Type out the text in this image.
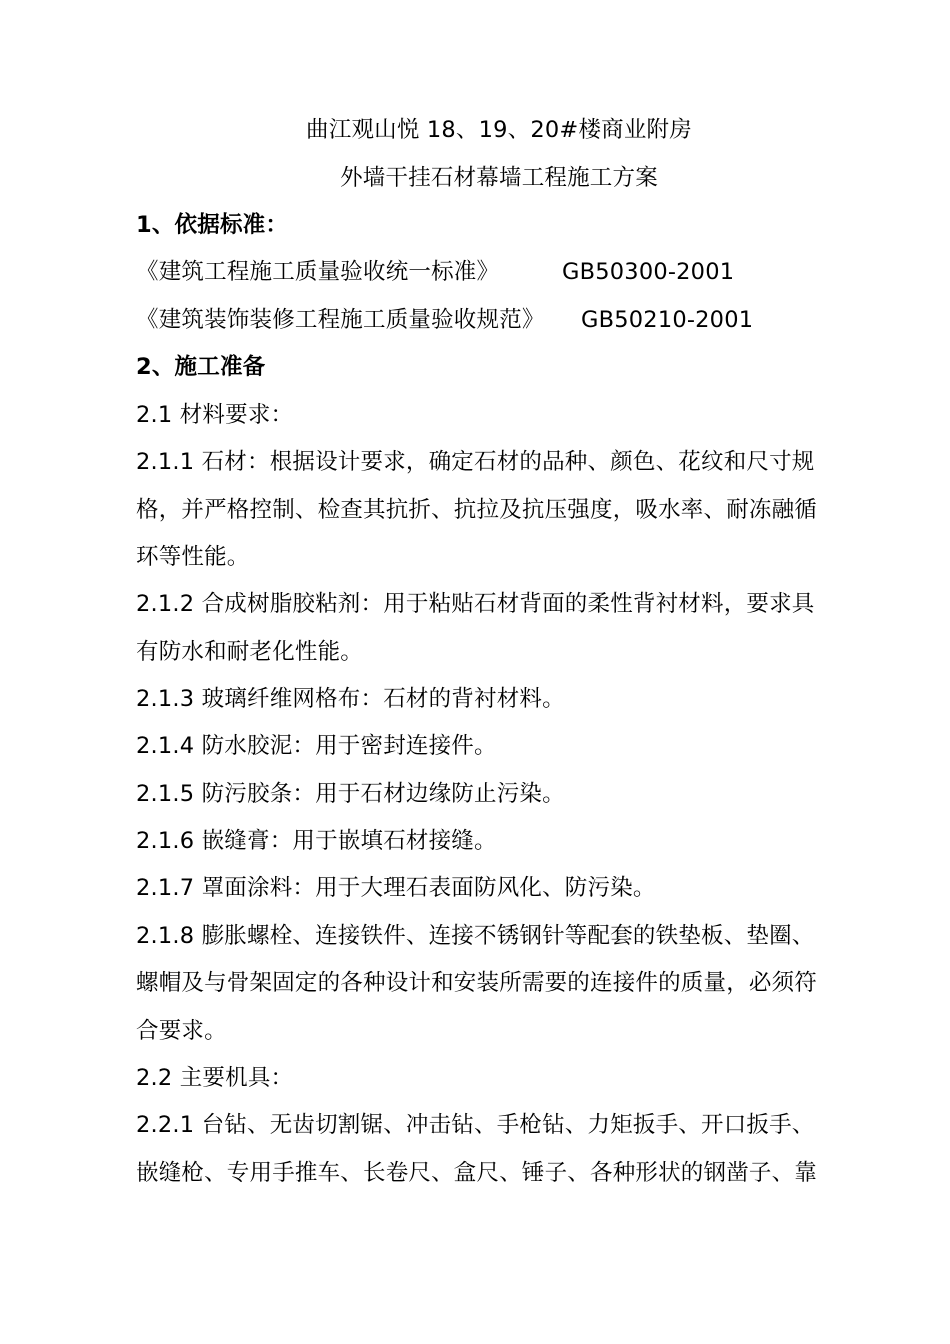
曲江观山悦 18、19、20#楼商业附房
外墙干挂石材幕墙工程施工方案
1、依据标准：
《建筑工程施工质量验收统一标准》	GB50300-2001
《建筑装饰装修工程施工质量验收规范》 GB50210-2001
2、施工准备
2.1 材料要求：
2.1.1 石材：根据设计要求，确定石材的品种、颜色、花纹和尺寸规
格，并严格控制、检查其抗折、抗拉及抗压强度，吸水率、耐冻融循
环等性能。
2.1.2 合成树脂胶粘剂：用于粘贴石材背面的柔性背衬材料，要求具
有防水和耐老化性能。
2.1.3 玻璃纤维网格布：石材的背衬材料。
2.1.4 防水胶泥：用于密封连接件。
2.1.5 防污胶条：用于石材边缘防止污染。
2.1.6 嵌缝膏：用于嵌填石材接缝。
2.1.7 罩面涂料：用于大理石表面防风化、防污染。
2.1.8 膨胀螺栓、连接铁件、连接不锈钢针等配套的铁垫板、垫圈、
螺帽及与骨架固定的各种设计和安装所需要的连接件的质量，必须符
合要求。
2.2 主要机具：
2.2.1 台钻、无齿切割锯、冲击钻、手枪钻、力矩扳手、开口扳手、
嵌缝枪、专用手推车、长卷尺、盒尺、锤子、各种形状的钢凿子、靠
